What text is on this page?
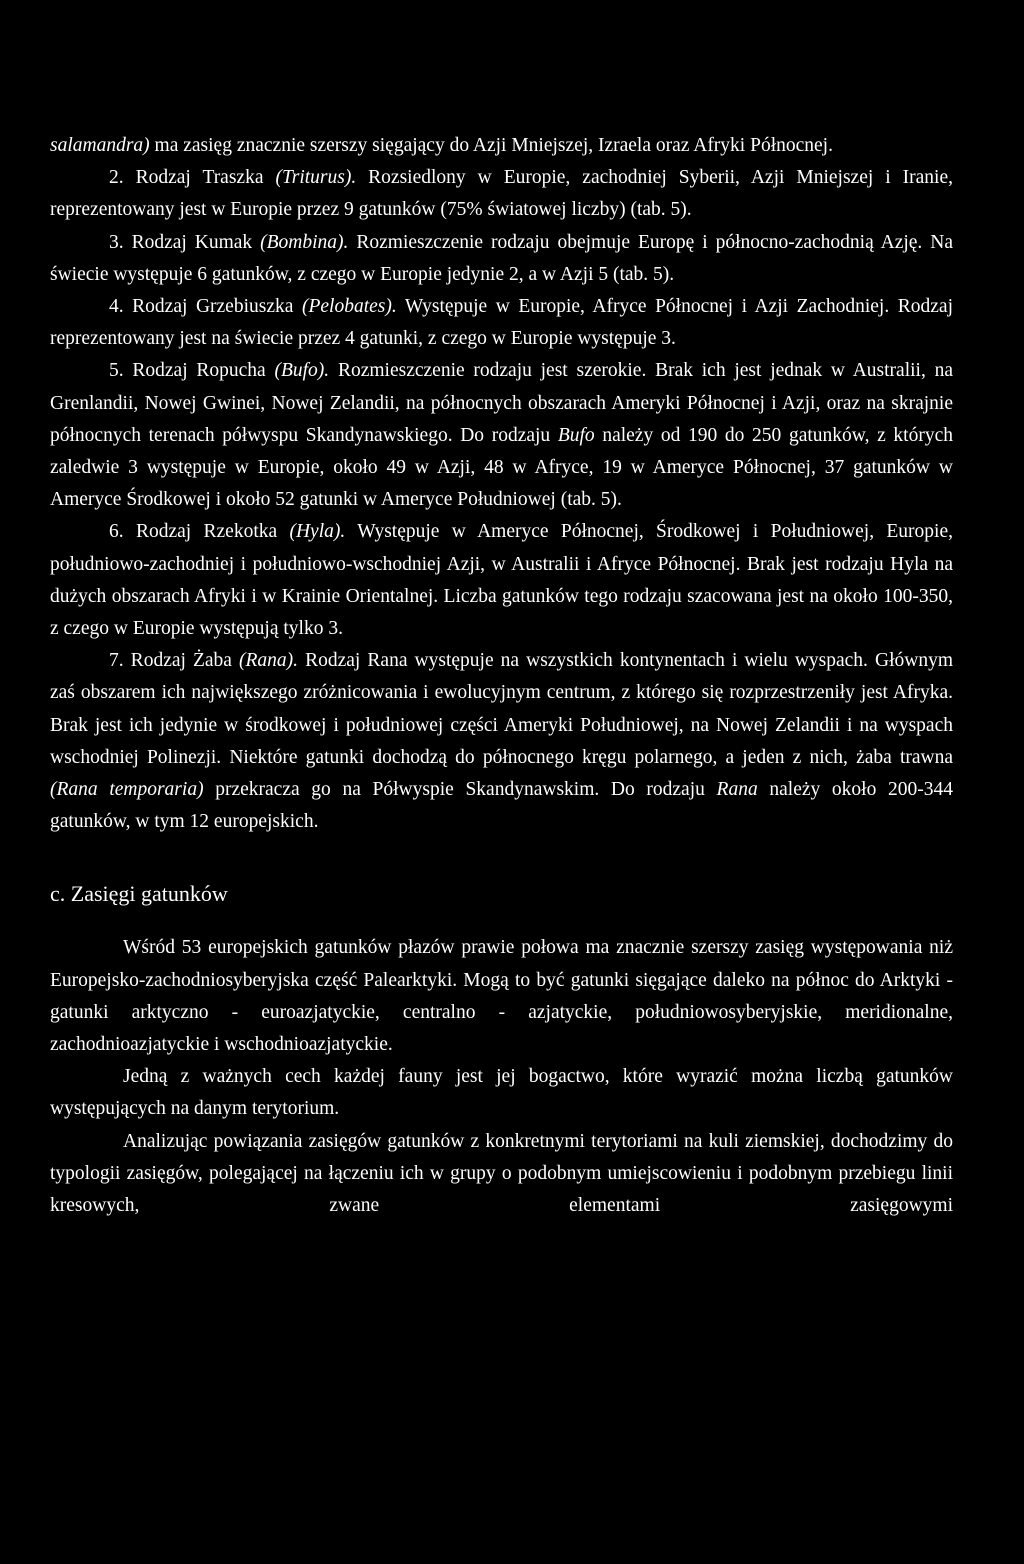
salamandra) ma zasięg znacznie szerszy sięgający do Azji Mniejszej, Izraela oraz Afryki Północnej.

2. Rodzaj Traszka (Triturus). Rozsiedlony w Europie, zachodniej Syberii, Azji Mniejszej i Iranie, reprezentowany jest w Europie przez 9 gatunków (75% światowej liczby) (tab. 5).

3. Rodzaj Kumak (Bombina). Rozmieszczenie rodzaju obejmuje Europę i północno-zachodnią Azję. Na świecie występuje 6 gatunków, z czego w Europie jedynie 2, a w Azji 5 (tab. 5).

4. Rodzaj Grzebiuszka (Pelobates). Występuje w Europie, Afryce Północnej i Azji Zachodniej. Rodzaj reprezentowany jest na świecie przez 4 gatunki, z czego w Europie występuje 3.

5. Rodzaj Ropucha (Bufo). Rozmieszczenie rodzaju jest szerokie. Brak ich jest jednak w Australii, na Grenlandii, Nowej Gwinei, Nowej Zelandii, na północnych obszarach Ameryki Północnej i Azji, oraz na skrajnie północnych terenach półwyspu Skandynawskiego. Do rodzaju Bufo należy od 190 do 250 gatunków, z których zaledwie 3 występuje w Europie, około 49 w Azji, 48 w Afryce, 19 w Ameryce Północnej, 37 gatunków w Ameryce Środkowej i około 52 gatunki w Ameryce Południowej (tab. 5).

6. Rodzaj Rzekotka (Hyla). Występuje w Ameryce Północnej, Środkowej i Południowej, Europie, południowo-zachodniej i południowo-wschodniej Azji, w Australii i Afryce Północnej. Brak jest rodzaju Hyla na dużych obszarach Afryki i w Krainie Orientalnej. Liczba gatunków tego rodzaju szacowana jest na około 100-350, z czego w Europie występują tylko 3.

7. Rodzaj Żaba (Rana). Rodzaj Rana występuje na wszystkich kontynentach i wielu wyspach. Głównym zaś obszarem ich największego zróżnicowania i ewolucyjnym centrum, z którego się rozprzestrzeniły jest Afryka. Brak jest ich jedynie w środkowej i południowej części Ameryki Południowej, na Nowej Zelandii i na wyspach wschodniej Polinezji. Niektóre gatunki dochodzą do północnego kręgu polarnego, a jeden z nich, żaba trawna (Rana temporaria) przekracza go na Półwyspie Skandynawskim. Do rodzaju Rana należy około 200-344 gatunków, w tym 12 europejskich.

c. Zasięgi gatunków

Wśród 53 europejskich gatunków płazów prawie połowa ma znacznie szerszy zasięg występowania niż Europejsko-zachodniosyberyjska część Palearktyki. Mogą to być gatunki sięgające daleko na północ do Arktyki - gatunki arktyczno - euroazjatyckie, centralno - azjatyckie, południowosyberyjskie, meridionalne, zachodnioazjatyckie i wschodnioazjatyckie.

Jedną z ważnych cech każdej fauny jest jej bogactwo, które wyrazić można liczbą gatunków występujących na danym terytorium.

Analizując powiązania zasięgów gatunków z konkretnymi terytoriami na kuli ziemskiej, dochodzimy do typologii zasięgów, polegającej na łączeniu ich w grupy o podobnym umiejscowieniu i podobnym przebiegu linii kresowych, zwane elementami zasięgowymi
